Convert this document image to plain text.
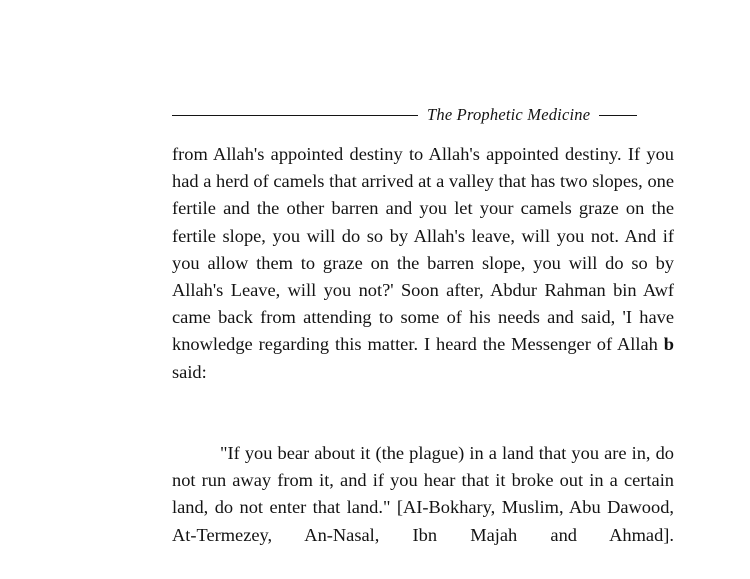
The Prophetic Medicine

from Allah's appointed destiny to Allah's appointed destiny. If you had a herd of camels that arrived at a valley that has two slopes, one fertile and the other barren and you let your camels graze on the fertile slope, you will do so by Allah's leave, will you not. And if you allow them to graze on the barren slope, you will do so by Allah's Leave, will you not?' Soon after, Abdur Rahman bin Awf came back from attending to some of his needs and said, 'I have knowledge regarding this matter. I heard the Messenger of Allah b said:

"If you bear about it (the plague) in a land that you are in, do not run away from it, and if you hear that it broke out in a certain land, do not enter that land." [AI-Bokhary, Muslim, Abu Dawood, At-Termezey, An-Nasal, Ibn Majah and Ahmad].
